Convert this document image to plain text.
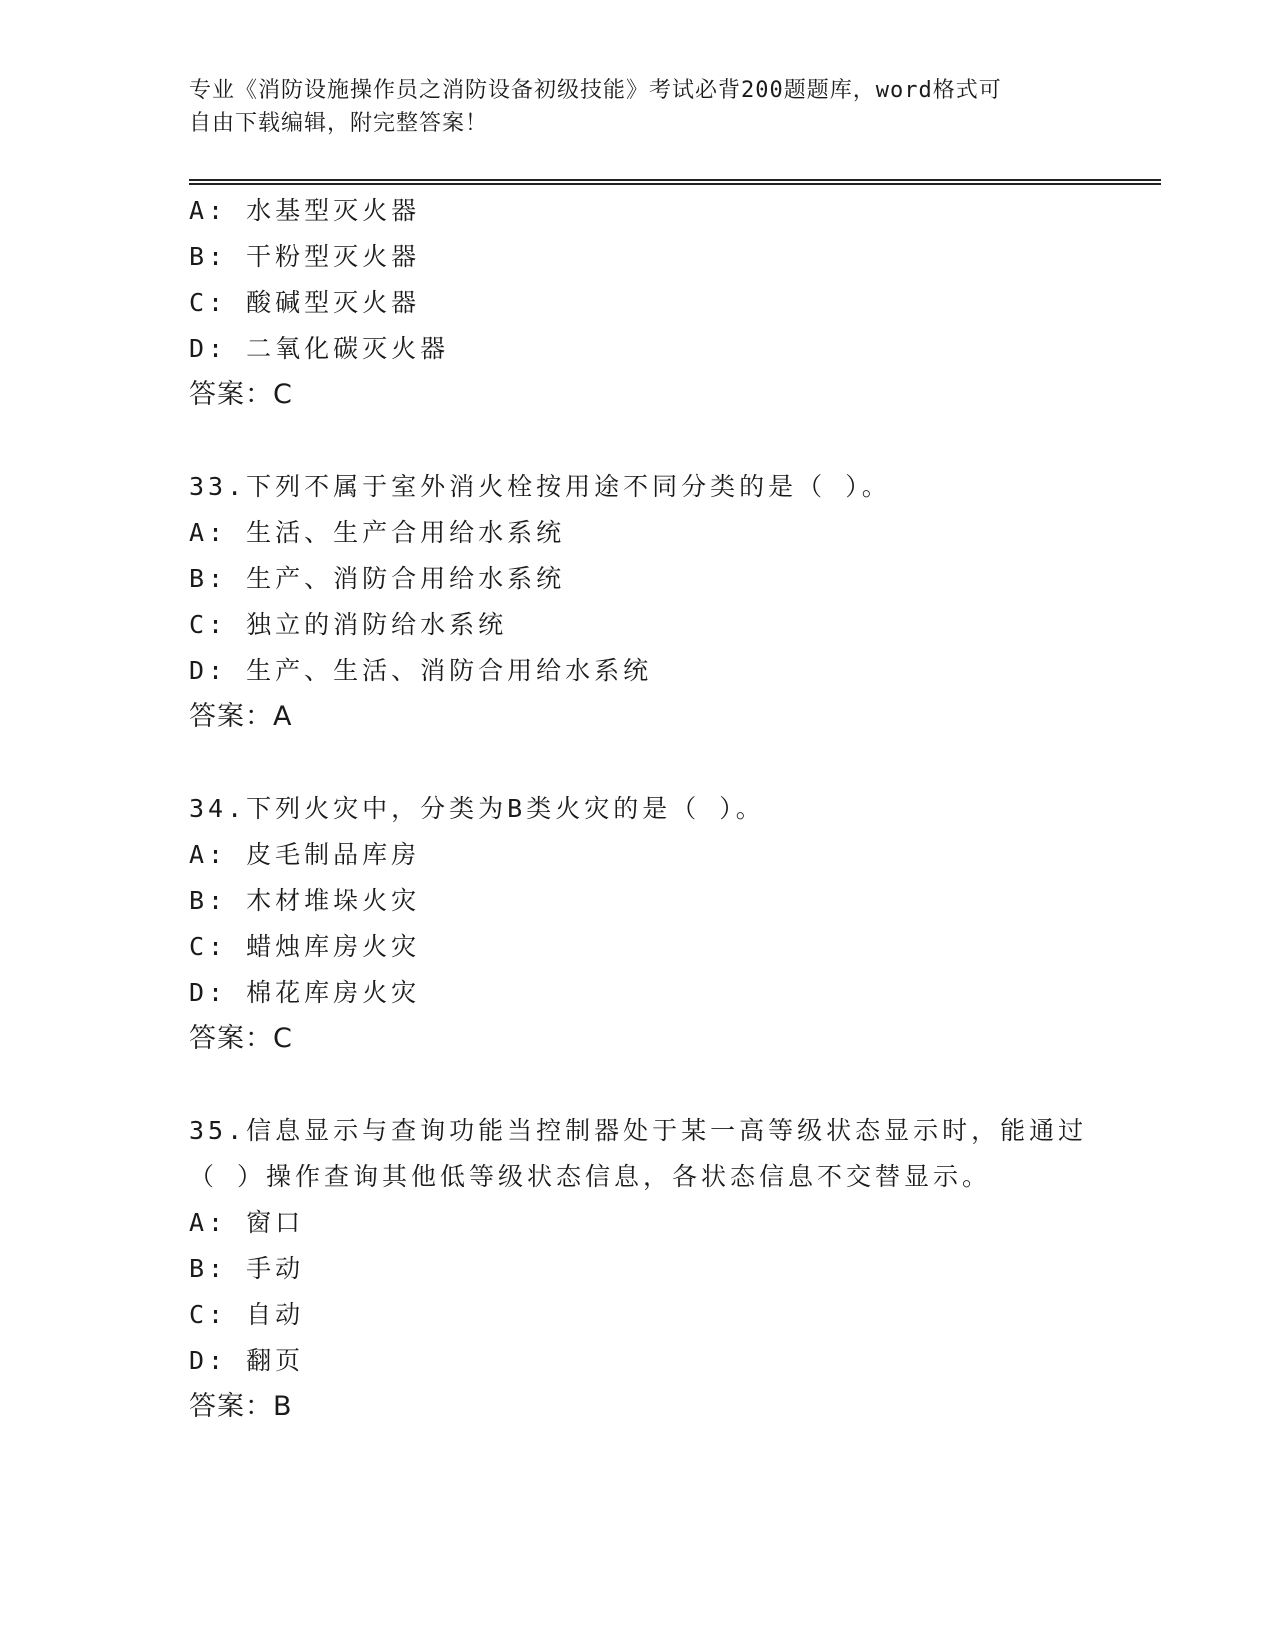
专业《消防设施操作员之消防设备初级技能》考试必背200题题库，word格式可
自由下载编辑，附完整答案！
A: 水基型灭火器
B: 干粉型灭火器
C: 酸碱型灭火器
D: 二氧化碳灭火器
答案：C
33.下列不属于室外消火栓按用途不同分类的是（ ）。
A: 生活、生产合用给水系统
B: 生产、消防合用给水系统
C: 独立的消防给水系统
D: 生产、生活、消防合用给水系统
答案：A
34.下列火灾中，分类为B类火灾的是（ ）。
A: 皮毛制品库房
B: 木材堆垛火灾
C: 蜡烛库房火灾
D: 棉花库房火灾
答案：C
35.信息显示与查询功能当控制器处于某一高等级状态显示时，能通过
（ ）操作查询其他低等级状态信息，各状态信息不交替显示。
A: 窗口
B: 手动
C: 自动
D: 翻页
答案：B
